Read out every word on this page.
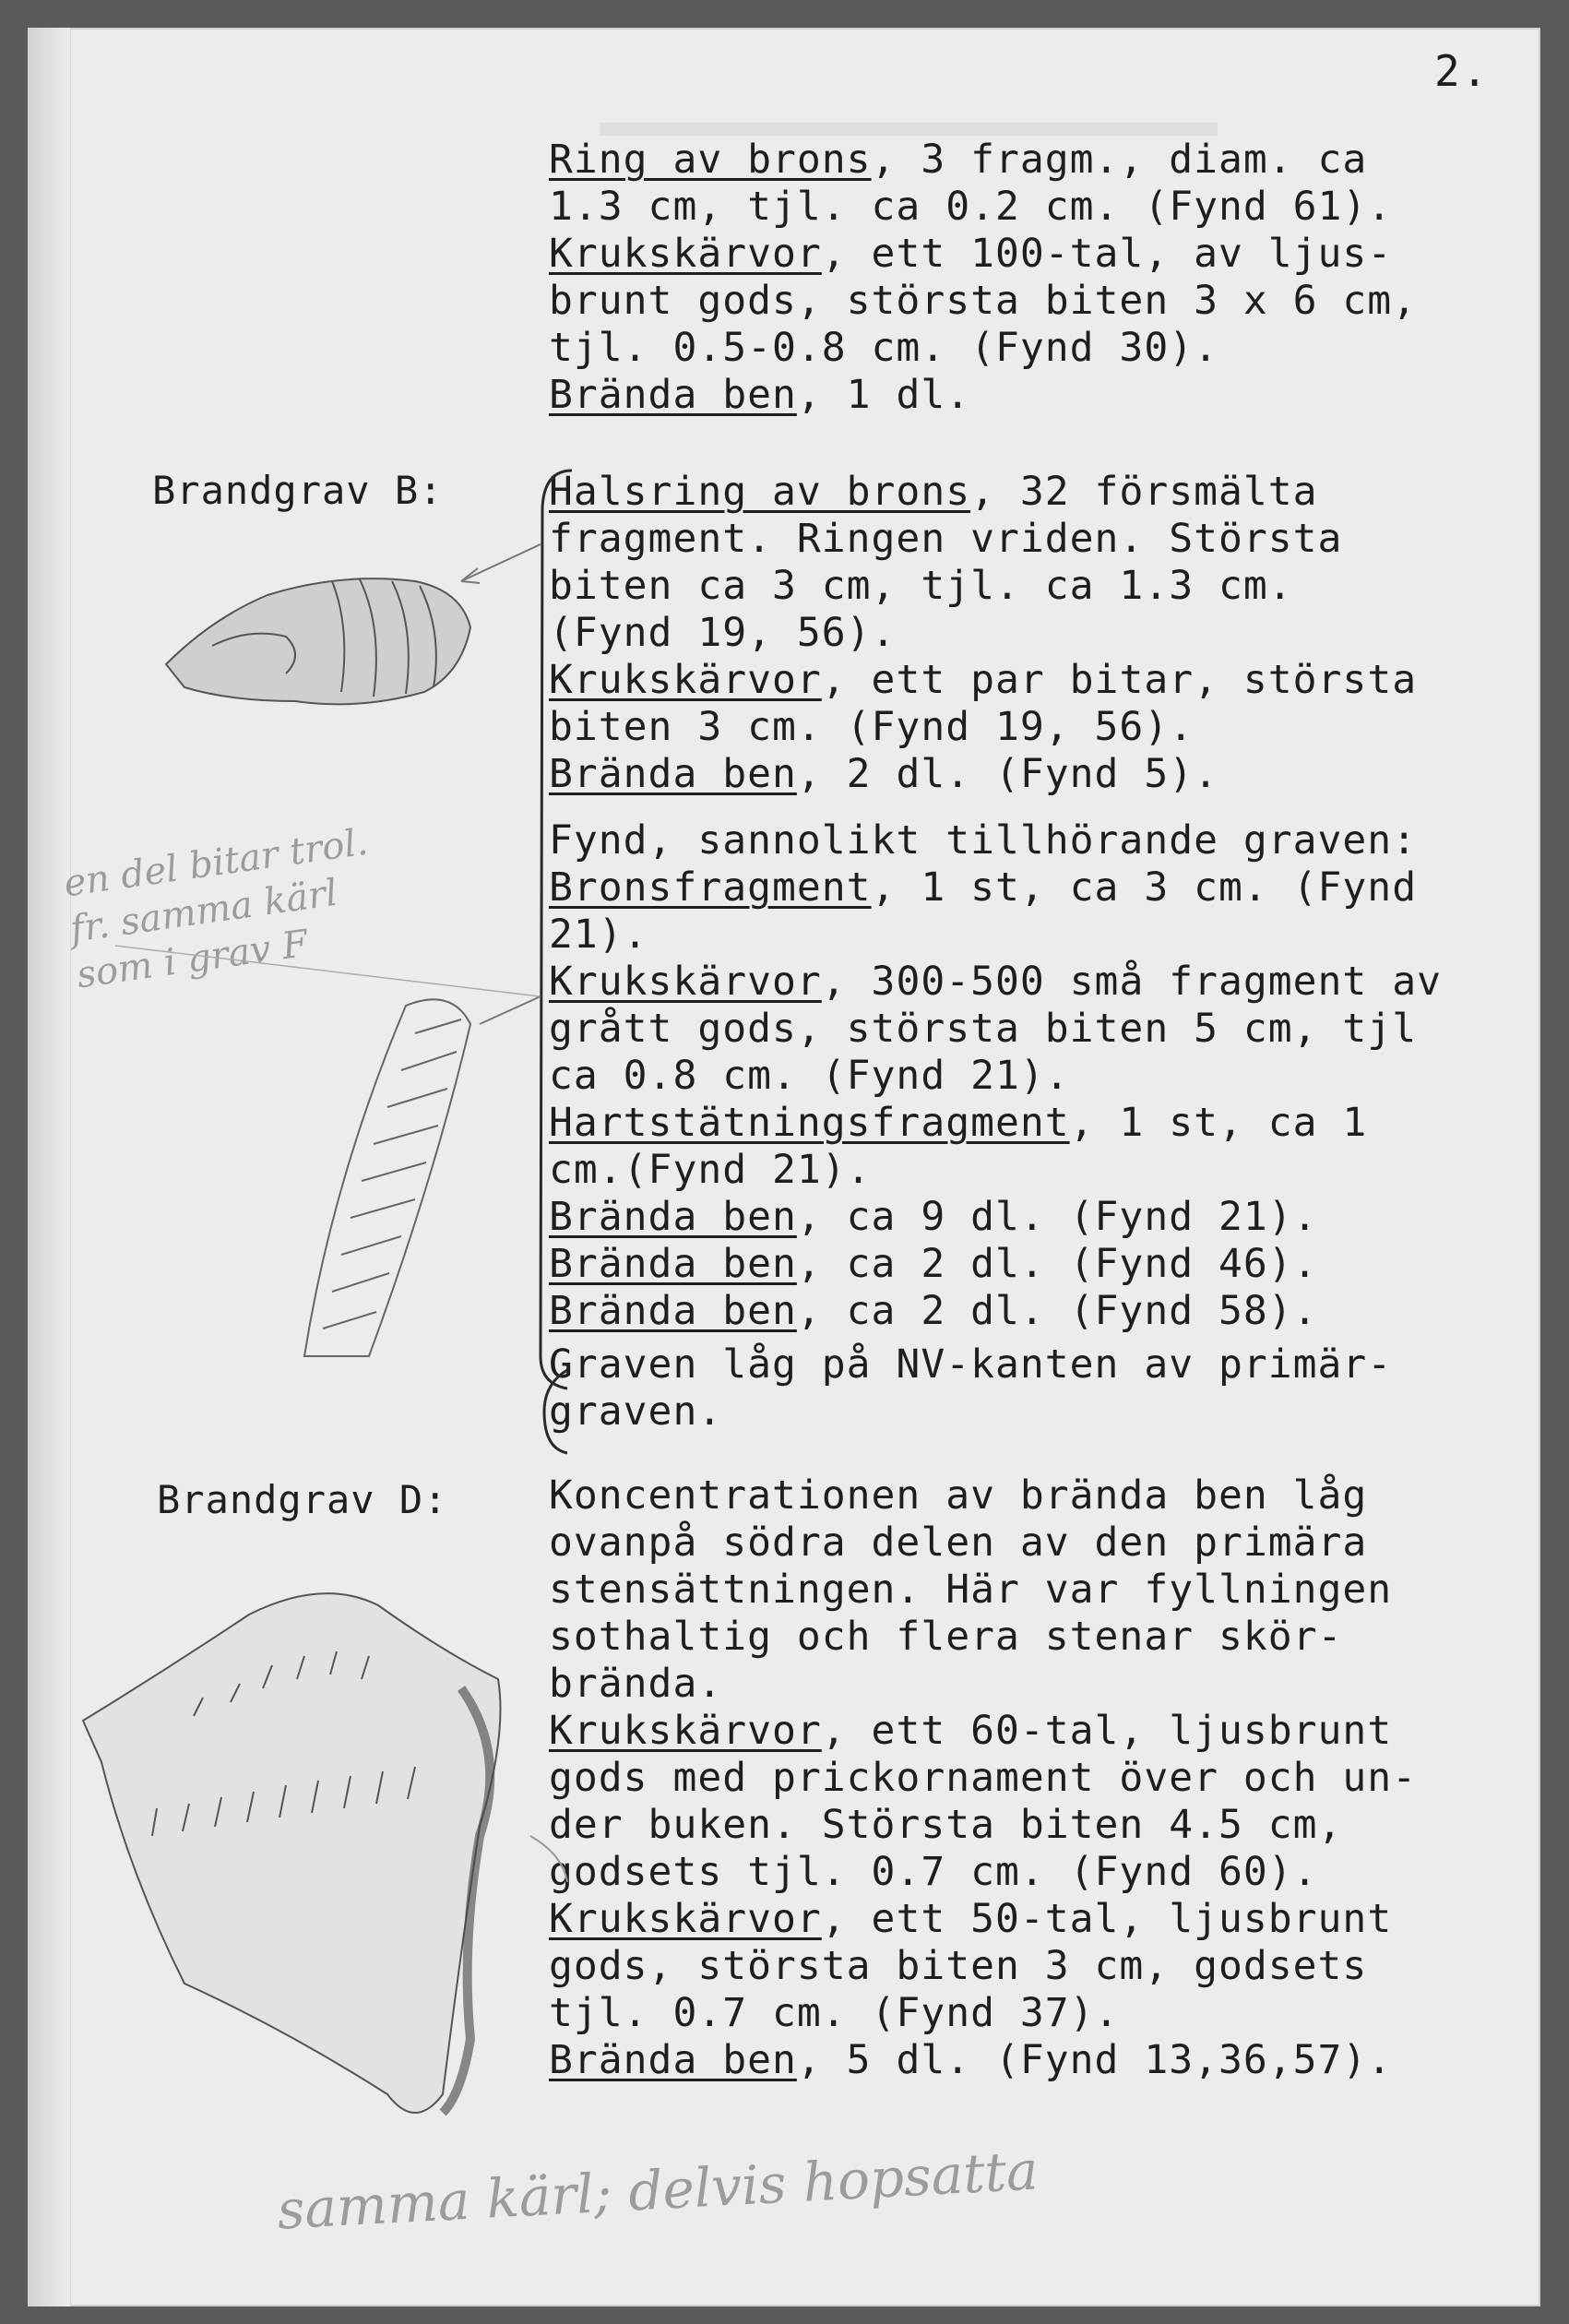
2.
Brandgrav B:
Brandgrav D:
Ring av brons, 3 fragm., diam. ca
1.3 cm, tjl. ca 0.2 cm. (Fynd 61).
Krukskärvor, ett 100-tal, av ljus-
brunt gods, största biten 3 x 6 cm,
tjl. 0.5-0.8 cm. (Fynd 30).
Brända ben, 1 dl.
Halsring av brons, 32 försmälta
fragment. Ringen vriden. Största
biten ca 3 cm, tjl. ca 1.3 cm.
(Fynd 19, 56).
Krukskärvor, ett par bitar, största
biten 3 cm. (Fynd 19, 56).
Brända ben, 2 dl. (Fynd 5).
Fynd, sannolikt tillhörande graven:
Bronsfragment, 1 st, ca 3 cm. (Fynd
21).
Krukskärvor, 300-500 små fragment av
grått gods, största biten 5 cm, tjl
ca 0.8 cm. (Fynd 21).
Hartstätningsfragment, 1 st, ca 1
cm.(Fynd 21).
Brända ben, ca 9 dl. (Fynd 21).
Brända ben, ca 2 dl. (Fynd 46).
Brända ben, ca 2 dl. (Fynd 58).
Graven låg på NV-kanten av primär-
graven.
Koncentrationen av brända ben låg
ovanpå södra delen av den primära
stensättningen. Här var fyllningen
sothaltig och flera stenar skör-
brända.
Krukskärvor, ett 60-tal, ljusbrunt
gods med prickornament över och un-
der buken. Största biten 4.5 cm,
godsets tjl. 0.7 cm. (Fynd 60).
Krukskärvor, ett 50-tal, ljusbrunt
gods, största biten 3 cm, godsets
tjl. 0.7 cm. (Fynd 37).
Brända ben, 5 dl. (Fynd 13,36,57).
en del bitar trol.
fr. samma kärl
som i grav F
samma kärl; delvis hopsatta
